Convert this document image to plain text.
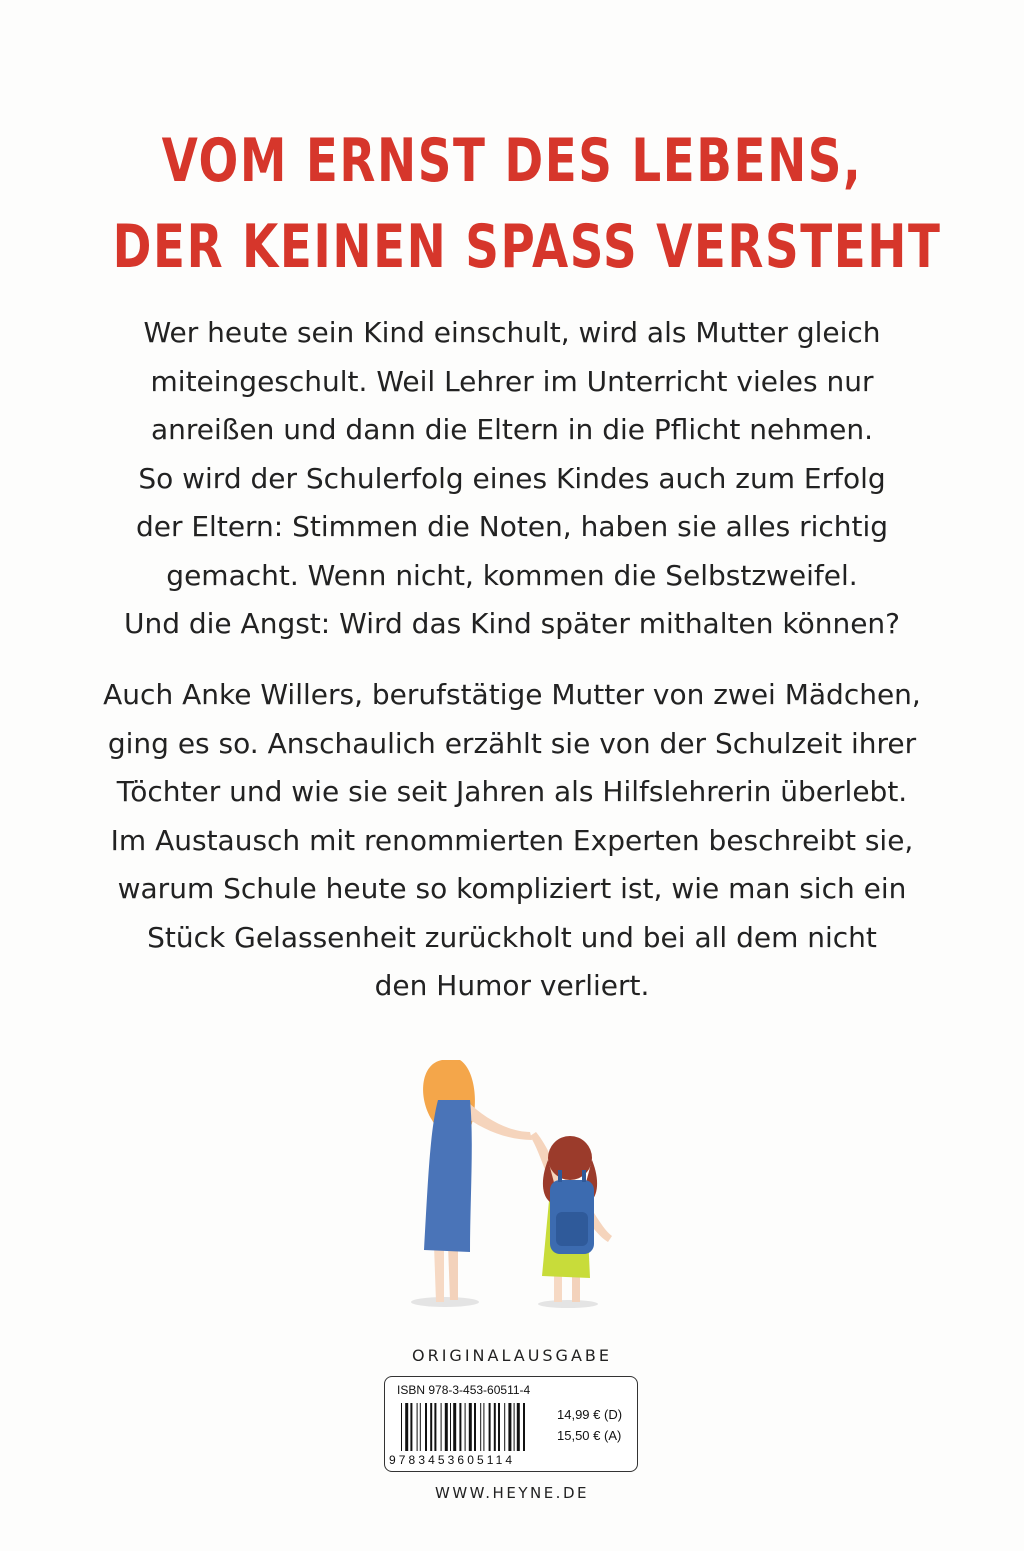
VOM ERNST DES LEBENS,
DER KEINEN SPASS VERSTEHT
Wer heute sein Kind einschult, wird als Mutter gleich
miteingeschult. Weil Lehrer im Unterricht vieles nur
anreißen und dann die Eltern in die Pflicht nehmen.
So wird der Schulerfolg eines Kindes auch zum Erfolg
der Eltern: Stimmen die Noten, haben sie alles richtig
gemacht. Wenn nicht, kommen die Selbstzweifel.
Und die Angst: Wird das Kind später mithalten können?
Auch Anke Willers, berufstätige Mutter von zwei Mädchen,
ging es so. Anschaulich erzählt sie von der Schulzeit ihrer
Töchter und wie sie seit Jahren als Hilfslehrerin überlebt.
Im Austausch mit renommierten Experten beschreibt sie,
warum Schule heute so kompliziert ist, wie man sich ein
Stück Gelassenheit zurückholt und bei all dem nicht
den Humor verliert.
ORIGINALAUSGABE
ISBN 978-3-453-60511-4
9783453605114
14,99 € (D)
15,50 € (A)
WWW.HEYNE.DE
